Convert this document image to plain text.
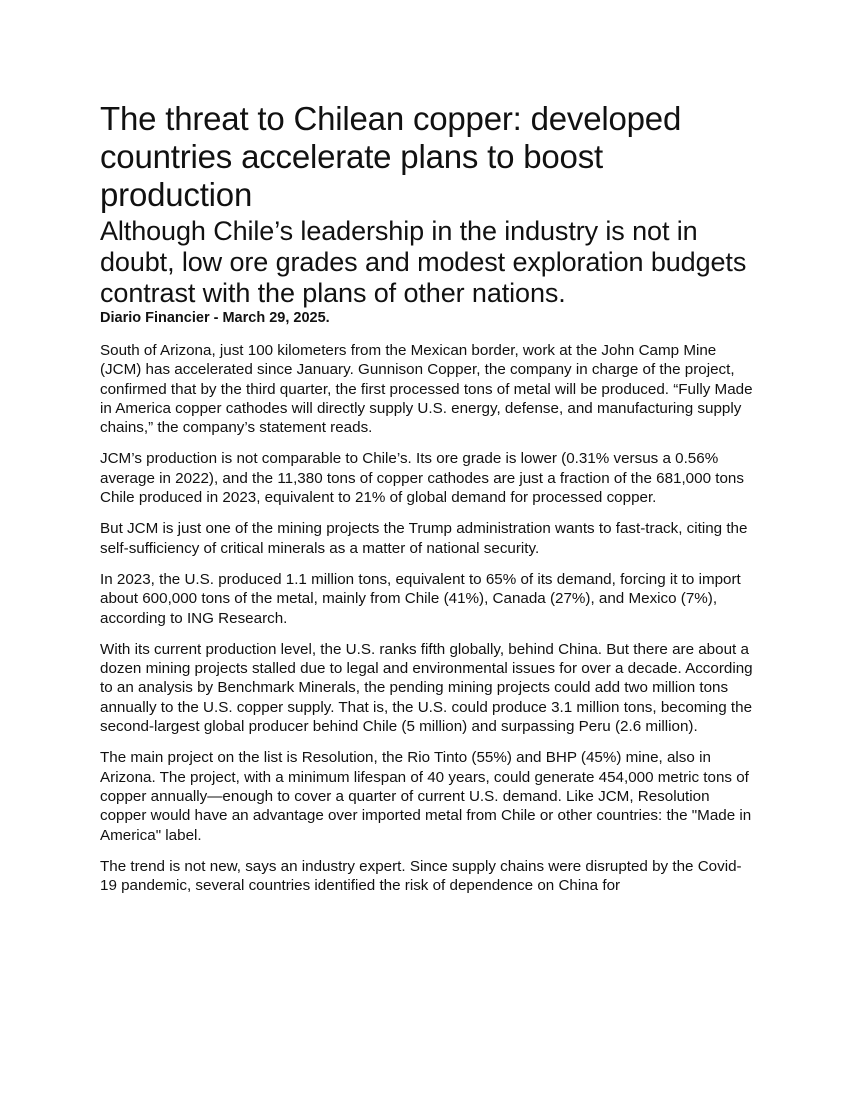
The threat to Chilean copper: developed countries accelerate plans to boost production
Although Chile’s leadership in the industry is not in doubt, low ore grades and modest exploration budgets contrast with the plans of other nations.
Diario Financier - March 29, 2025.

South of Arizona, just 100 kilometers from the Mexican border, work at the John Camp Mine (JCM) has accelerated since January. Gunnison Copper, the company in charge of the project, confirmed that by the third quarter, the first processed tons of metal will be produced. “Fully Made in America copper cathodes will directly supply U.S. energy, defense, and manufacturing supply chains,” the company’s statement reads.

JCM’s production is not comparable to Chile’s. Its ore grade is lower (0.31% versus a 0.56% average in 2022), and the 11,380 tons of copper cathodes are just a fraction of the 681,000 tons Chile produced in 2023, equivalent to 21% of global demand for processed copper.

But JCM is just one of the mining projects the Trump administration wants to fast-track, citing the self-sufficiency of critical minerals as a matter of national security.

In 2023, the U.S. produced 1.1 million tons, equivalent to 65% of its demand, forcing it to import about 600,000 tons of the metal, mainly from Chile (41%), Canada (27%), and Mexico (7%), according to ING Research.

With its current production level, the U.S. ranks fifth globally, behind China. But there are about a dozen mining projects stalled due to legal and environmental issues for over a decade. According to an analysis by Benchmark Minerals, the pending mining projects could add two million tons annually to the U.S. copper supply. That is, the U.S. could produce 3.1 million tons, becoming the second-largest global producer behind Chile (5 million) and surpassing Peru (2.6 million).

The main project on the list is Resolution, the Rio Tinto (55%) and BHP (45%) mine, also in Arizona. The project, with a minimum lifespan of 40 years, could generate 454,000 metric tons of copper annually—enough to cover a quarter of current U.S. demand. Like JCM, Resolution copper would have an advantage over imported metal from Chile or other countries: the "Made in America" label.

The trend is not new, says an industry expert. Since supply chains were disrupted by the Covid-19 pandemic, several countries identified the risk of dependence on China for
